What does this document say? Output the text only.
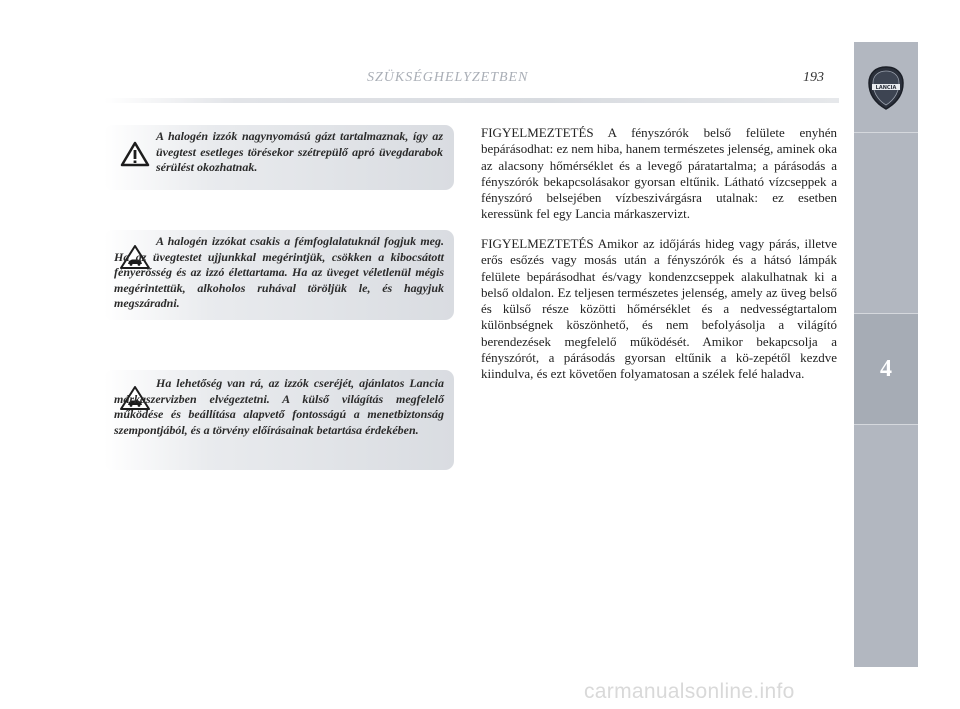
SZÜKSÉGHELYZETBEN	193
4
LANCIA
A halogén izzók nagynyomású gázt tartalmaznak, így az üvegtest esetleges törésekor szétrepülő apró üvegdarabok sérülést okozhatnak.
A halogén izzókat csakis a fémfoglalatuknál fogjuk meg. Ha az üvegtestet ujjunkkal megérintjük, csökken a kibocsátott fényerősség és az izzó élettartama. Ha az üveget véletlenül mégis megérintettük, alkoholos ruhával töröljük le, és hagyjuk megszáradni.
Ha lehetőség van rá, az izzók cseréjét, ajánlatos Lancia márkaszervizben elvégeztetni. A külső világítás megfelelő működése és beállítása alapvető fontosságú a menetbiztonság szempontjából, és a törvény előírásainak betartása érdekében.
FIGYELMEZTETÉS A fényszórók belső felülete enyhén bepárásodhat: ez nem hiba, hanem természetes jelenség, aminek oka az alacsony hőmérséklet és a levegő páratartalma; a párásodás a fényszórók bekapcsolásakor gyorsan eltűnik. Látható vízcseppek a fényszóró belsejében vízbeszivárgásra utalnak: ez esetben keressünk fel egy Lancia márkaszervizt.
FIGYELMEZTETÉS Amikor az időjárás hideg vagy párás, illetve erős esőzés vagy mosás után a fényszórók és a hátsó lámpák felülete bepárásodhat és/vagy kondenzcseppek alakulhatnak ki a belső oldalon. Ez teljesen természetes jelenség, amely az üveg belső és külső része közötti hőmérséklet és a nedvességtartalom különbségnek köszönhető, és nem befolyásolja a világító berendezések megfelelő működését. Amikor bekapcsolja a fényszórót, a párásodás gyorsan eltűnik a kö-zepétől kezdve kiindulva, és ezt követően folyamatosan a szélek felé haladva.
carmanualsonline.info
